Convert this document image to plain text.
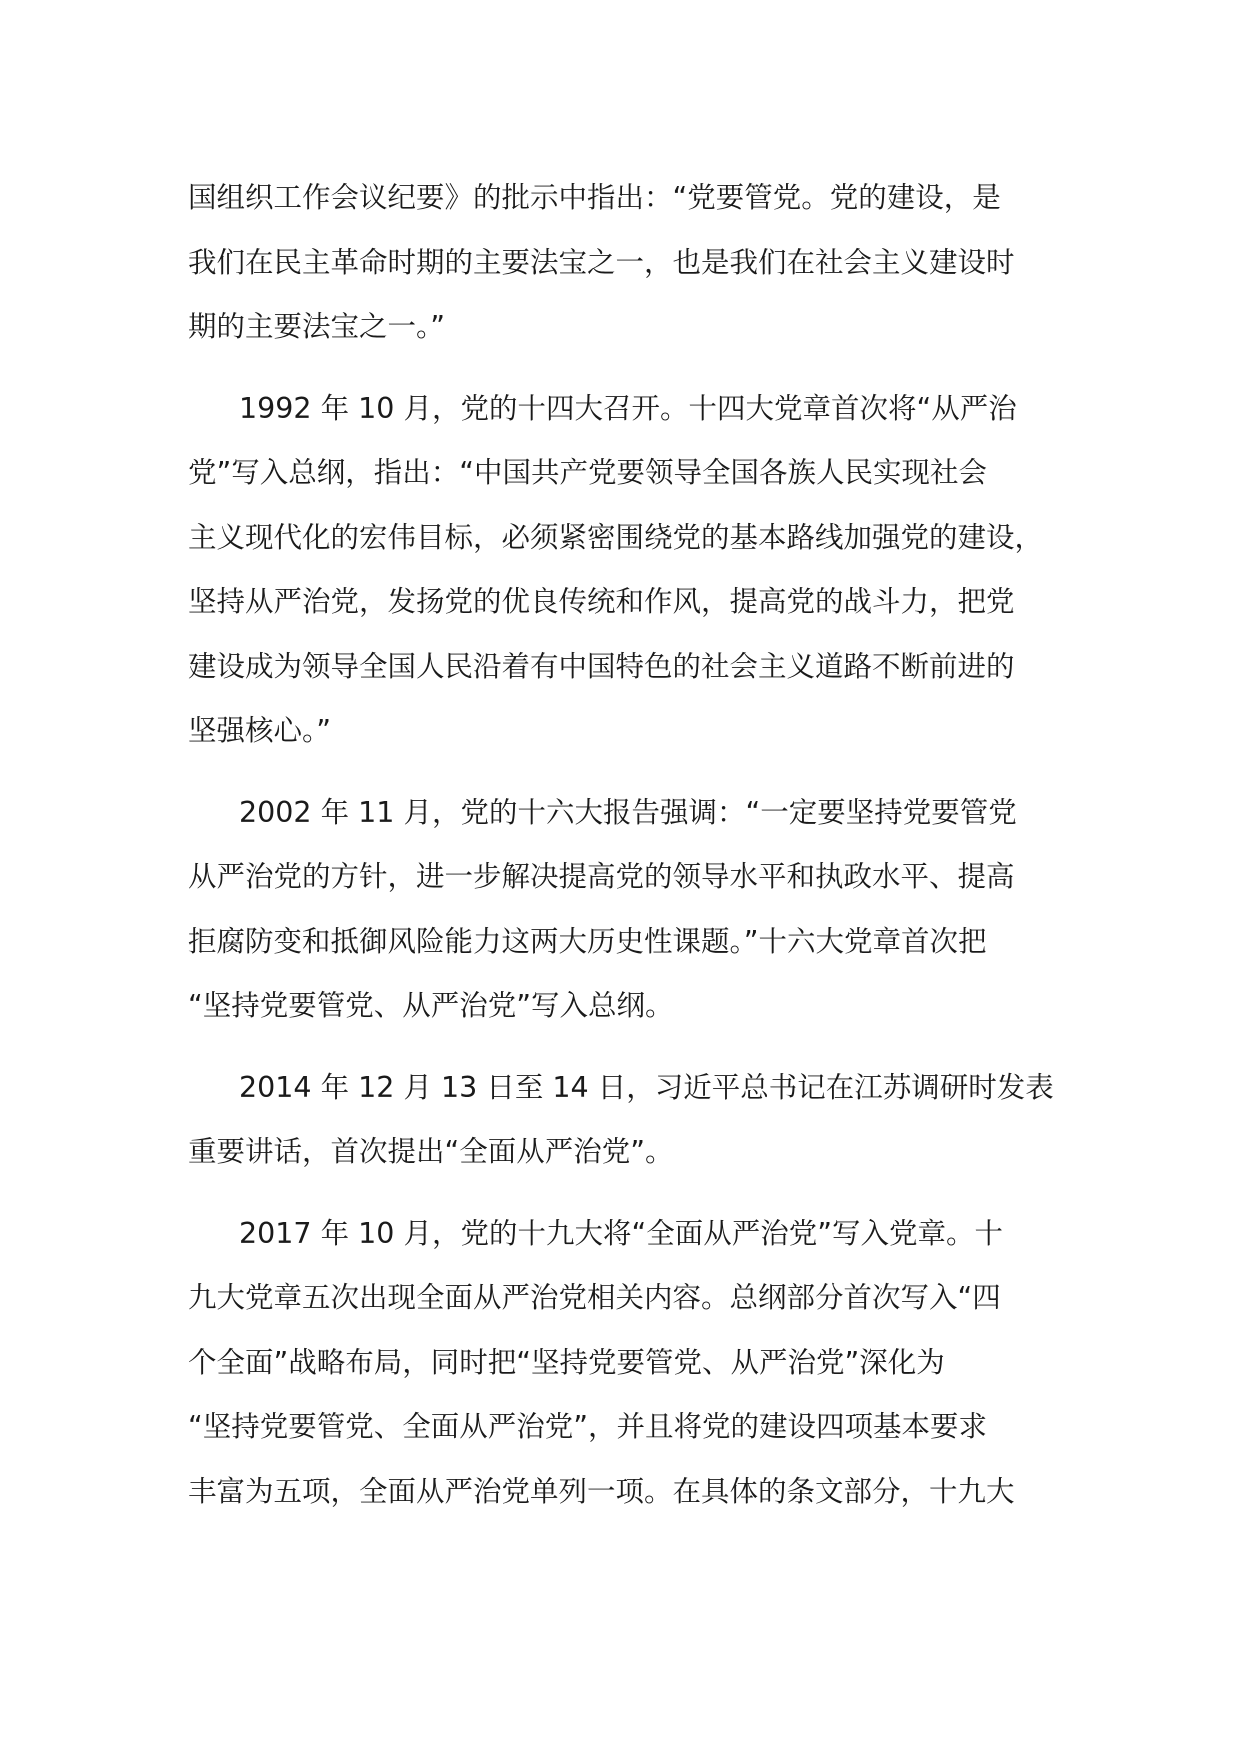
国组织工作会议纪要》的批示中指出：“党要管党。党的建设，是
我们在民主革命时期的主要法宝之一，也是我们在社会主义建设时
期的主要法宝之一。”

1992 年 10 月，党的十四大召开。十四大党章首次将“从严治
党”写入总纲，指出：“中国共产党要领导全国各族人民实现社会
主义现代化的宏伟目标，必须紧密围绕党的基本路线加强党的建设，
坚持从严治党，发扬党的优良传统和作风，提高党的战斗力，把党
建设成为领导全国人民沿着有中国特色的社会主义道路不断前进的
坚强核心。”

2002 年 11 月，党的十六大报告强调：“一定要坚持党要管党
从严治党的方针，进一步解决提高党的领导水平和执政水平、提高
拒腐防变和抵御风险能力这两大历史性课题。”十六大党章首次把
“坚持党要管党、从严治党”写入总纲。

2014 年 12 月 13 日至 14 日，习近平总书记在江苏调研时发表
重要讲话，首次提出“全面从严治党”。

2017 年 10 月，党的十九大将“全面从严治党”写入党章。十
九大党章五次出现全面从严治党相关内容。总纲部分首次写入“四
个全面”战略布局，同时把“坚持党要管党、从严治党”深化为
“坚持党要管党、全面从严治党”，并且将党的建设四项基本要求
丰富为五项，全面从严治党单列一项。在具体的条文部分，十九大
